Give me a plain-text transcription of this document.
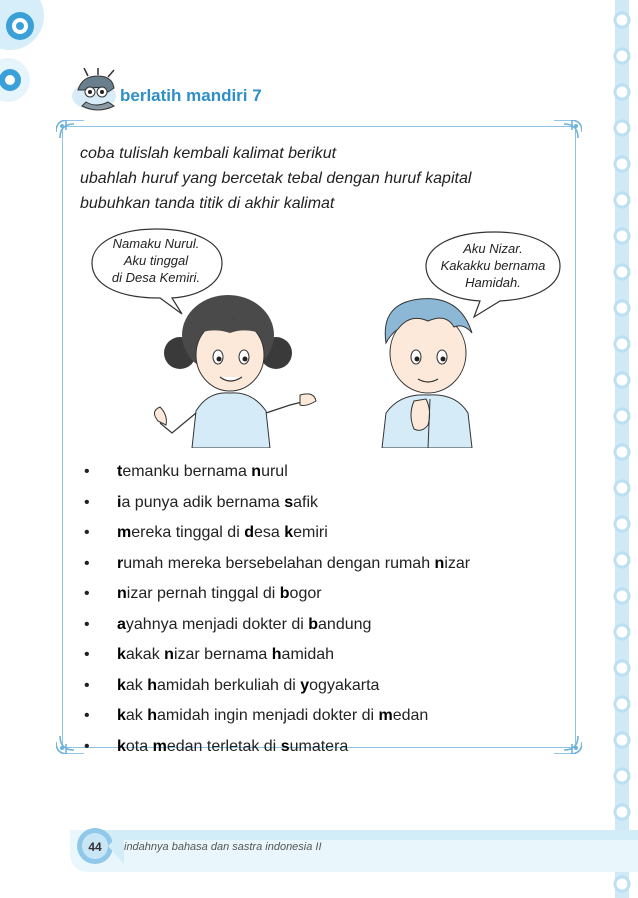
berlatih mandiri 7
coba tulislah kembali kalimat berikut
ubahlah huruf yang bercetak tebal dengan huruf kapital
bubuhkan tanda titik di akhir kalimat
Namaku Nurul.
Aku tinggal
di Desa Kemiri.
Aku Nizar.
Kakakku bernama
Hamidah.
•	temanku bernama nurul
•	ia punya adik bernama safik
•	mereka tinggal di desa kemiri
•	rumah mereka bersebelahan dengan rumah nizar
•	nizar pernah tinggal di bogor
•	ayahnya menjadi dokter di bandung
•	kakak nizar bernama hamidah
•	kak hamidah berkuliah di yogyakarta
•	kak hamidah ingin menjadi dokter di medan
•	kota medan terletak di sumatera
44	indahnya bahasa dan sastra indonesia II
